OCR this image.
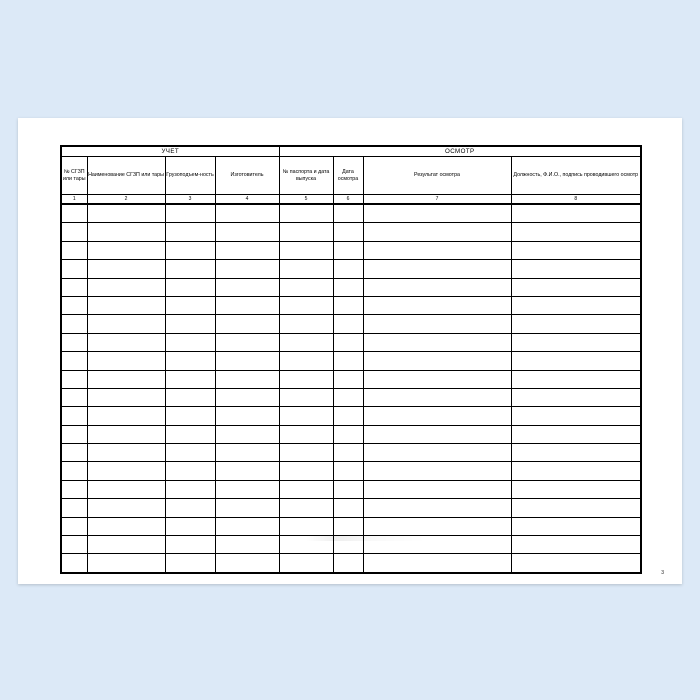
УЧЕТ				ОСМОТР			
№ СГЗП или тары	Наименование СГЗП или тары	Грузоподъем-ность	Изготовитель	№ паспорта и дата выпуска	Дата осмотра	Результат осмотра	Должность, Ф.И.О., подпись проводившего осмотр
1	2	3	4	5	6	7	8

3
